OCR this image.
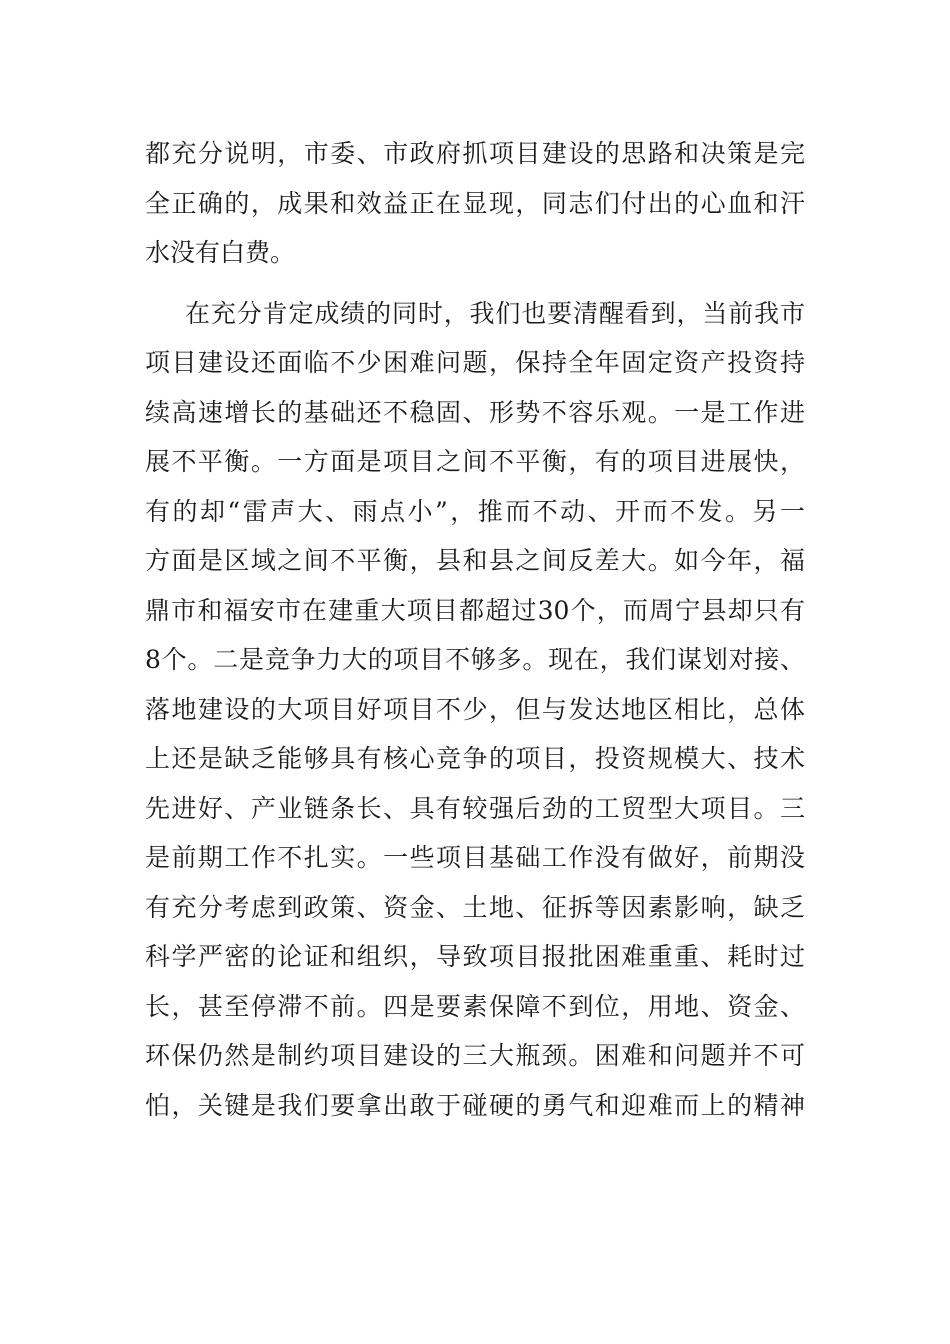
都充分说明，市委、市政府抓项目建设的思路和决策是完
全正确的，成果和效益正在显现，同志们付出的心血和汗
水没有白费。
在充分肯定成绩的同时，我们也要清醒看到，当前我市
项目建设还面临不少困难问题，保持全年固定资产投资持
续高速增长的基础还不稳固、形势不容乐观。一是工作进
展不平衡。一方面是项目之间不平衡，有的项目进展快，
有的却“雷声大、雨点小”，推而不动、开而不发。另一
方面是区域之间不平衡，县和县之间反差大。如今年，福
鼎市和福安市在建重大项目都超过30个，而周宁县却只有
8个。二是竞争力大的项目不够多。现在，我们谋划对接、
落地建设的大项目好项目不少，但与发达地区相比，总体
上还是缺乏能够具有核心竞争的项目，投资规模大、技术
先进好、产业链条长、具有较强后劲的工贸型大项目。三
是前期工作不扎实。一些项目基础工作没有做好，前期没
有充分考虑到政策、资金、土地、征拆等因素影响，缺乏
科学严密的论证和组织，导致项目报批困难重重、耗时过
长，甚至停滞不前。四是要素保障不到位，用地、资金、
环保仍然是制约项目建设的三大瓶颈。困难和问题并不可
怕，关键是我们要拿出敢于碰硬的勇气和迎难而上的精神
